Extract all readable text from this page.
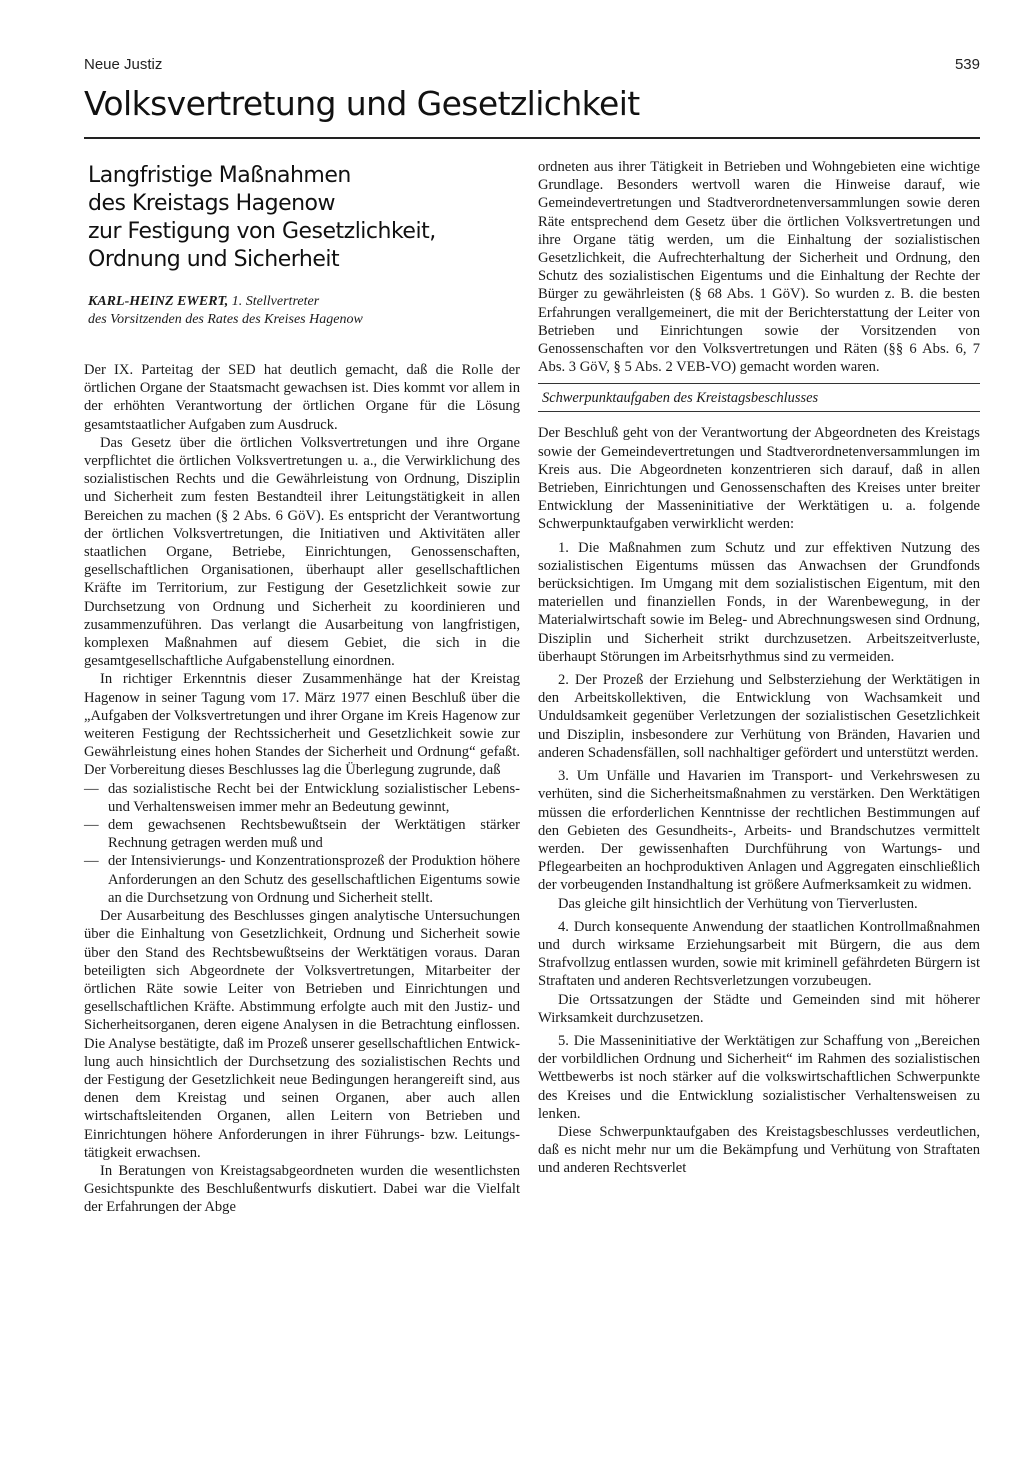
Neue Justiz	539
Volksvertretung und Gesetzlichkeit
Langfristige Maßnahmen
des Kreistags Hagenow
zur Festigung von Gesetzlichkeit,
Ordnung und Sicherheit
KARL-HEINZ EWERT, 1. Stellvertreter
des Vorsitzenden des Rates des Kreises Hagenow

Der IX. Parteitag der SED hat deutlich gemacht, daß die Rolle der örtlichen Organe der Staatsmacht gewachsen ist. Dies kommt vor allem in der erhöhten Verantwortung der örtlichen Organe für die Lösung gesamtstaatlicher Aufgaben zum Ausdruck.

Das Gesetz über die örtlichen Volksvertretungen und ihre Organe verpflichtet die örtlichen Volksvertretungen u. a., die Verwirklichung des sozialistischen Rechts und die Gewährleistung von Ordnung, Disziplin und Sicherheit zum festen Bestandteil ihrer Leitungstätigkeit in allen Bereichen zu machen (§ 2 Abs. 6 GöV). Es entspricht der Verantwortung der örtlichen Volksvertretungen, die Initiativen und Aktivitäten aller staatlichen Organe, Betriebe, Einrichtungen, Genossenschaften, gesellschaftlichen Organisationen, überhaupt aller gesellschaftlichen Kräfte im Territorium, zur Festigung der Gesetzlichkeit sowie zur Durchsetzung von Ordnung und Sicherheit zu koordinieren und zusammenzuführen. Das verlangt die Ausarbeitung von langfristigen, komplexen Maßnahmen auf diesem Gebiet, die sich in die gesamtgesellschaftliche Aufgabenstellung einordnen.

In richtiger Erkenntnis dieser Zusammenhänge hat der Kreistag Hagenow in seiner Tagung vom 17. März 1977 einen Beschluß über die „Aufgaben der Volksvertretungen und ihrer Organe im Kreis Hagenow zur weiteren Festigung der Rechtssicherheit und Gesetzlichkeit sowie zur Gewährleistung eines hohen Standes der Sicherheit und Ordnung“ gefaßt. Der Vorbereitung dieses Beschlusses lag die Überlegung zugrunde, daß

— das sozialistische Recht bei der Entwicklung sozialistischer Lebens- und Verhaltensweisen immer mehr an Bedeutung gewinnt,
— dem gewachsenen Rechtsbewußtsein der Werktätigen stärker Rechnung getragen werden muß und
— der Intensivierungs- und Konzentrationsprozeß der Produktion höhere Anforderungen an den Schutz des gesellschaftlichen Eigentums sowie an die Durchsetzung von Ordnung und Sicherheit stellt.

Der Ausarbeitung des Beschlusses gingen analytische Untersuchungen über die Einhaltung von Gesetzlichkeit, Ordnung und Sicherheit sowie über den Stand des Rechtsbewußtseins der Werktätigen voraus. Daran beteiligten sich Abgeordnete der Volksvertretungen, Mitarbeiter der örtlichen Räte sowie Leiter von Betrieben und Einrichtungen und gesellschaftlichen Kräfte. Abstimmung erfolgte auch mit den Justiz- und Sicherheitsorganen, deren eigene Analysen in die Betrachtung einflossen. Die Analyse bestätigte, daß im Prozeß unserer gesellschaftlichen Entwicklung auch hinsichtlich der Durchsetzung des sozialistischen Rechts und der Festigung der Gesetzlichkeit neue Bedingungen herangereift sind, aus denen dem Kreistag und seinen Organen, aber auch allen wirtschaftsleitenden Organen, allen Leitern von Betrieben und Einrichtungen höhere Anforderungen in ihrer Führungs- bzw. Leitungstätigkeit erwachsen.

In Beratungen von Kreistagsabgeordneten wurden die wesentlichsten Gesichtspunkte des Beschlußentwurfs diskutiert. Dabei war die Vielfalt der Erfahrungen der Abge

ordneten aus ihrer Tätigkeit in Betrieben und Wohngebieten eine wichtige Grundlage. Besonders wertvoll waren die Hinweise darauf, wie Gemeindevertretungen und Stadtverordnetenversammlungen sowie deren Räte entsprechend dem Gesetz über die örtlichen Volksvertretungen und ihre Organe tätig werden, um die Einhaltung der sozialistischen Gesetzlichkeit, die Aufrechterhaltung der Sicherheit und Ordnung, den Schutz des sozialistischen Eigentums und die Einhaltung der Rechte der Bürger zu gewährleisten (§ 68 Abs. 1 GöV). So wurden z. B. die besten Erfahrungen verallgemeinert, die mit der Berichterstattung der Leiter von Betrieben und Einrichtungen sowie der Vorsitzenden von Genossenschaften vor den Volksvertretungen und Räten (§§ 6 Abs. 6, 7 Abs. 3 GöV, § 5 Abs. 2 VEB-VO) gemacht worden waren.

Schwerpunktaufgaben des Kreistagsbeschlusses

Der Beschluß geht von der Verantwortung der Abgeordneten des Kreistags sowie der Gemeindevertretungen und Stadtverordnetenversammlungen im Kreis aus. Die Abgeordneten konzentrieren sich darauf, daß in allen Betrieben, Einrichtungen und Genossenschaften des Kreises unter breiter Entwicklung der Masseninitiative der Werktätigen u. a. folgende Schwerpunktaufgaben verwirklicht werden:

1. Die Maßnahmen zum Schutz und zur effektiven Nutzung des sozialistischen Eigentums müssen das Anwachsen der Grundfonds berücksichtigen. Im Umgang mit dem sozialistischen Eigentum, mit den materiellen und finanziellen Fonds, in der Warenbewegung, in der Materialwirtschaft sowie im Beleg- und Abrechnungswesen sind Ordnung, Disziplin und Sicherheit strikt durchzusetzen. Arbeitszeitverluste, überhaupt Störungen im Arbeitsrhythmus sind zu vermeiden.

2. Der Prozeß der Erziehung und Selbsterziehung der Werktätigen in den Arbeitskollektiven, die Entwicklung von Wachsamkeit und Unduldsamkeit gegenüber Verletzungen der sozialistischen Gesetzlichkeit und Disziplin, insbesondere zur Verhütung von Bränden, Havarien und anderen Schadensfällen, soll nachhaltiger gefördert und unterstützt werden.

3. Um Unfälle und Havarien im Transport- und Verkehrswesen zu verhüten, sind die Sicherheitsmaßnahmen zu verstärken. Den Werktätigen müssen die erforderlichen Kenntnisse der rechtlichen Bestimmungen auf den Gebieten des Gesundheits-, Arbeits- und Brandschutzes vermittelt werden. Der gewissenhaften Durchführung von Wartungs- und Pflegearbeiten an hochproduktiven Anlagen und Aggregaten einschließlich der vorbeugenden Instandhaltung ist größere Aufmerksamkeit zu widmen.

Das gleiche gilt hinsichtlich der Verhütung von Tierverlusten.

4. Durch konsequente Anwendung der staatlichen Kontrollmaßnahmen und durch wirksame Erziehungsarbeit mit Bürgern, die aus dem Strafvollzug entlassen wurden, sowie mit kriminell gefährdeten Bürgern ist Straftaten und anderen Rechtsverletzungen vorzubeugen.

Die Ortssatzungen der Städte und Gemeinden sind mit höherer Wirksamkeit durchzusetzen.

5. Die Masseninitiative der Werktätigen zur Schaffung von „Bereichen der vorbildlichen Ordnung und Sicherheit“ im Rahmen des sozialistischen Wettbewerbs ist noch stärker auf die volkswirtschaftlichen Schwerpunkte des Kreises und die Entwicklung sozialistischer Verhaltensweisen zu lenken.

Diese Schwerpunktaufgaben des Kreistagsbeschlusses verdeutlichen, daß es nicht mehr nur um die Bekämpfung und Verhütung von Straftaten und anderen Rechtsverlet
